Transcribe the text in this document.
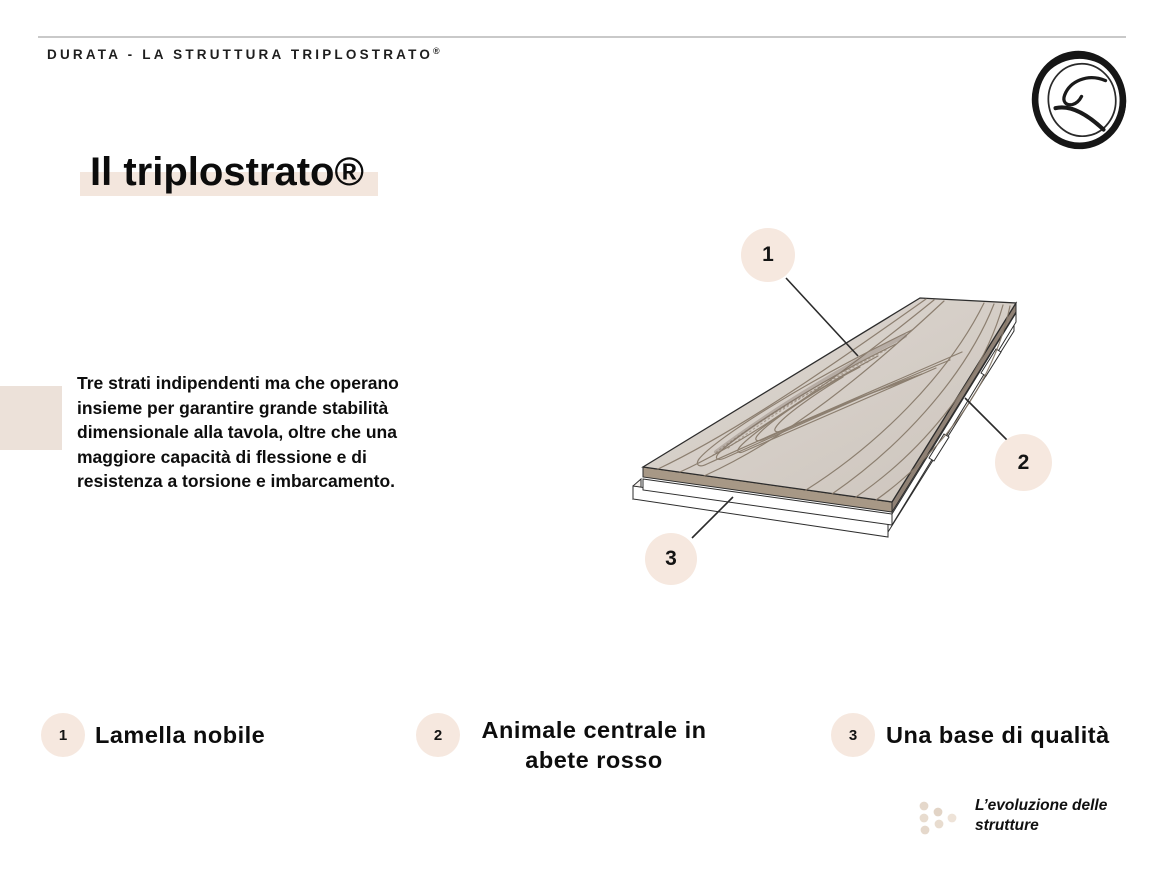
DURATA - LA STRUTTURA TRIPLOSTRATO®
Il triplostrato®
Tre strati indipendenti ma che operano
insieme per garantire grande stabilità
dimensionale alla tavola, oltre che una
maggiore capacità di flessione e di
resistenza a torsione e imbarcamento.
1
2
3
1 Lamella nobile	2	Animale centrale in
abete rosso
3 Una base di qualità
L’evoluzione delle
strutture
